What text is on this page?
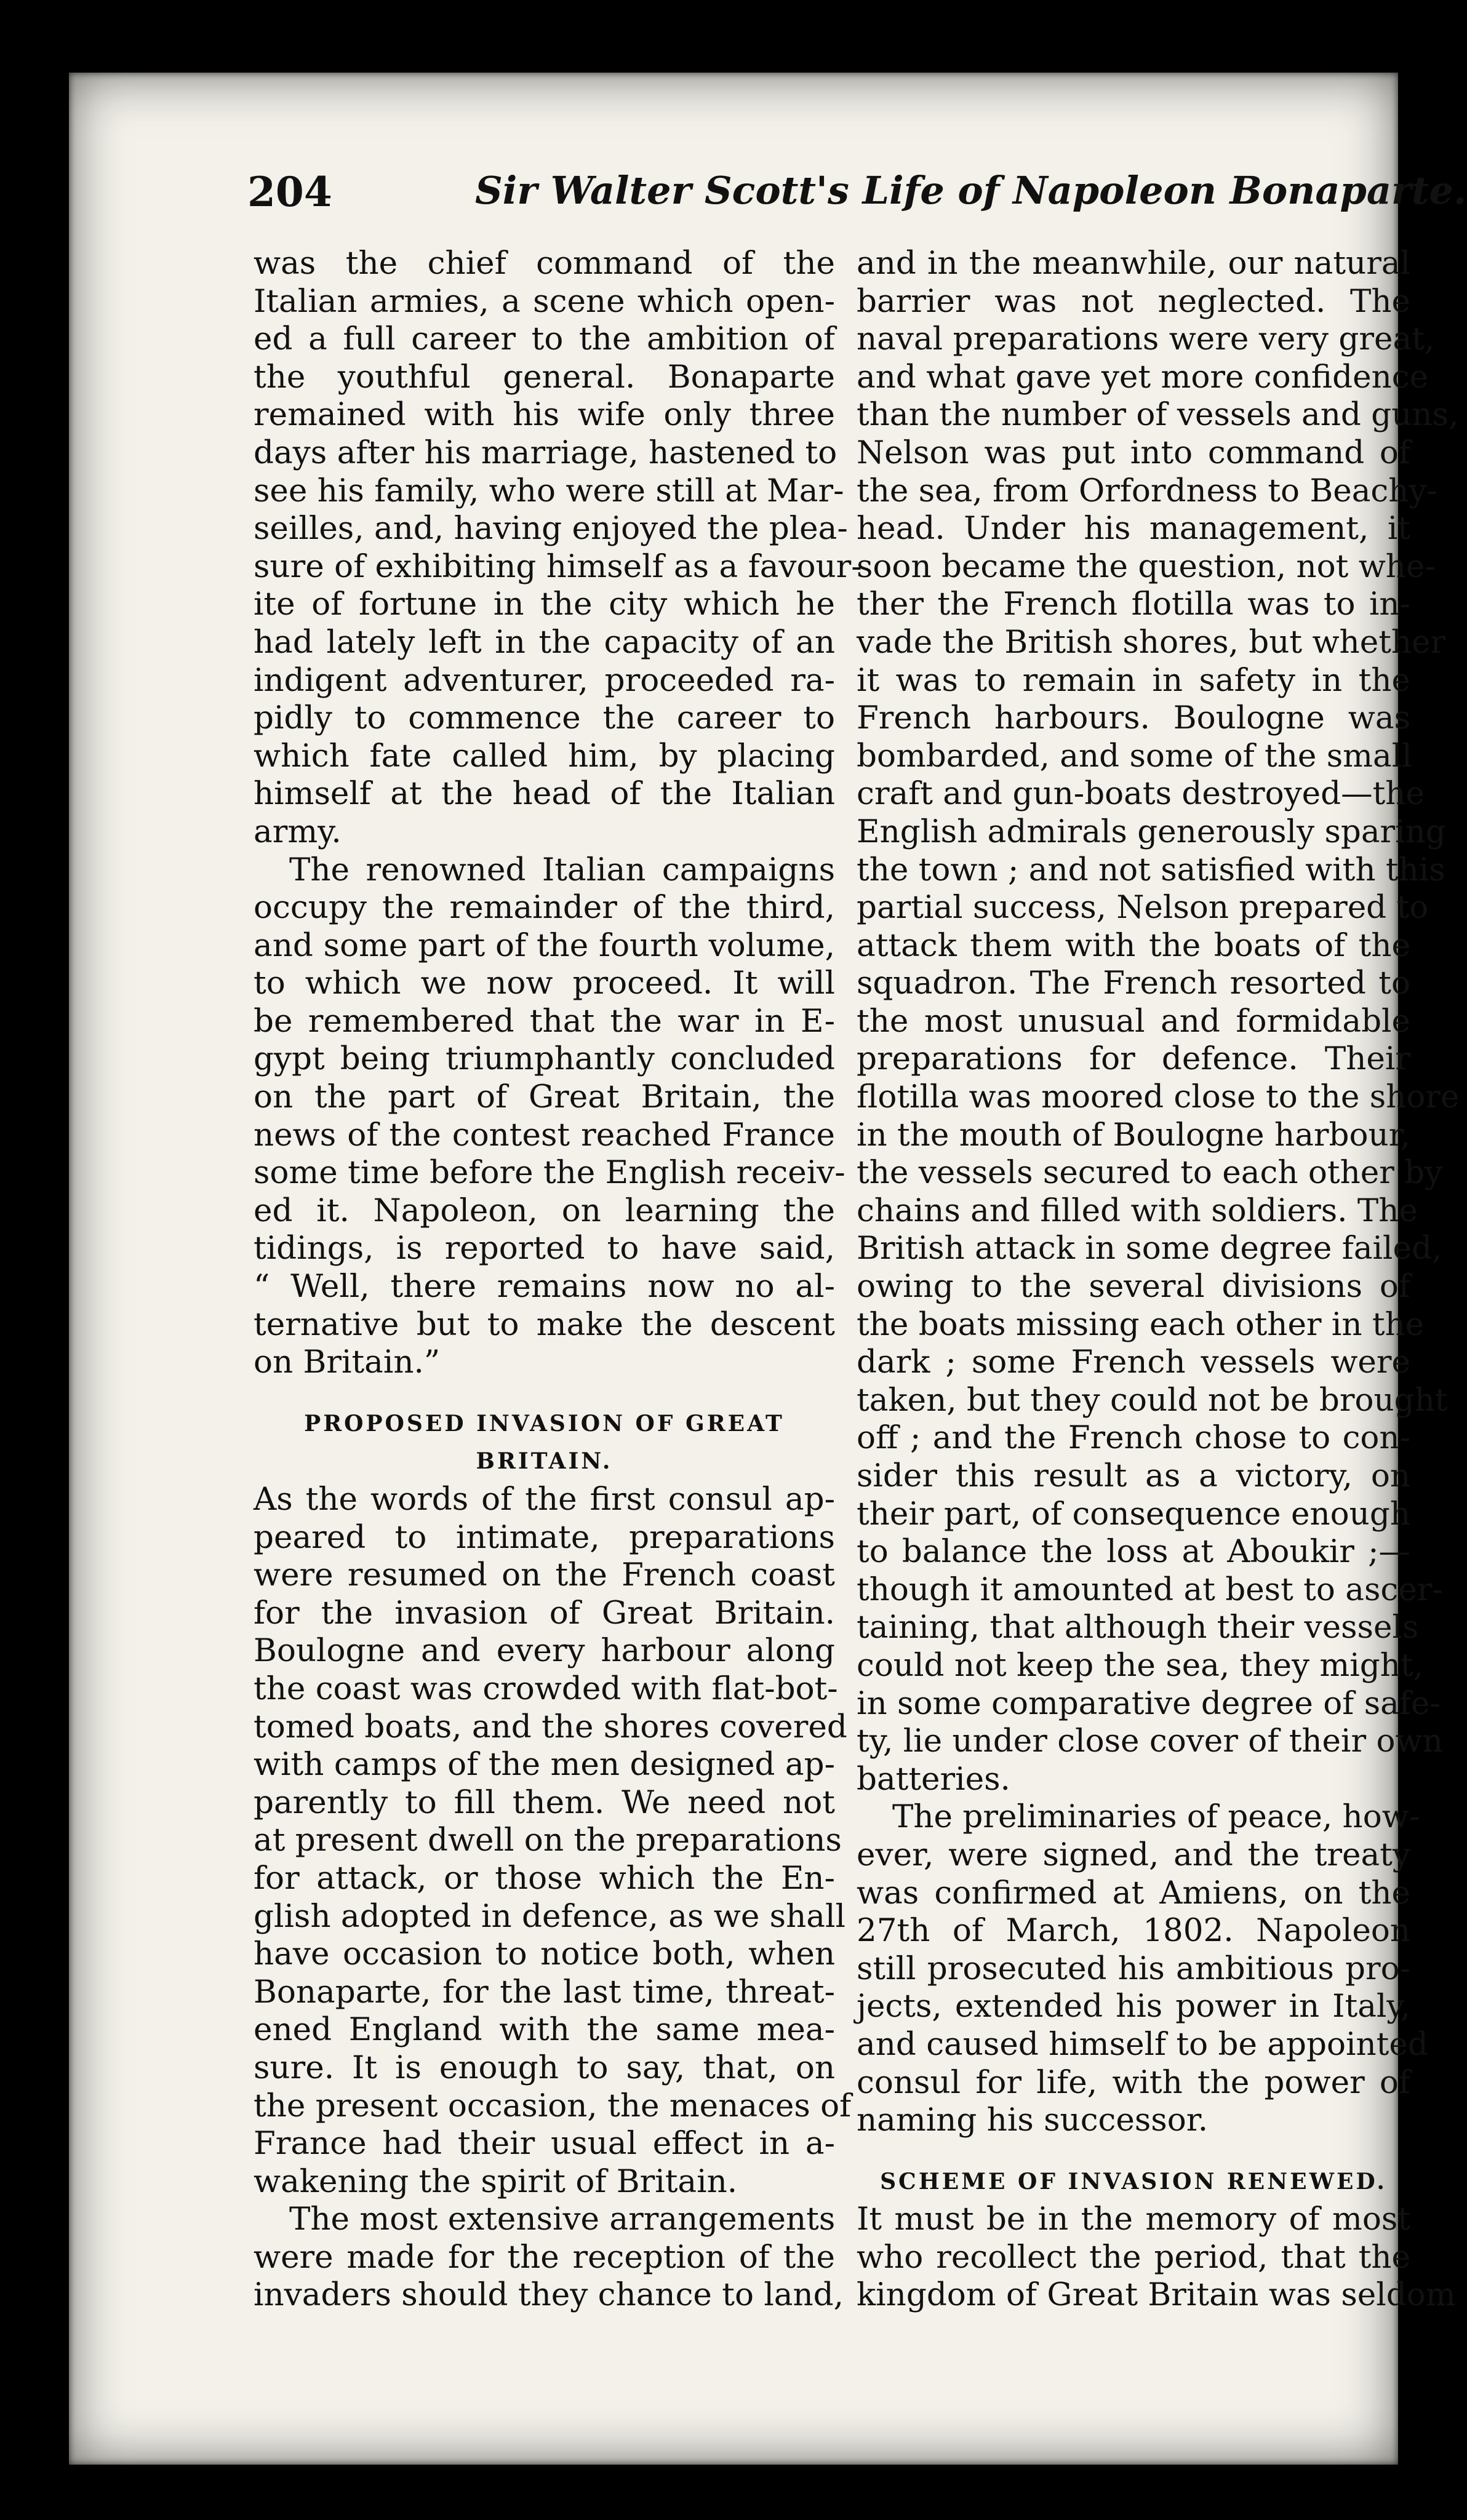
204	Sir Walter Scott's Life of Napoleon Bonaparte.
was the chief command of the
Italian armies, a scene which open-
ed a full career to the ambition of
the youthful general. Bonaparte
remained with his wife only three
days after his marriage, hastened to
see his family, who were still at Mar-
seilles, and, having enjoyed the plea-
sure of exhibiting himself as a favour-
ite of fortune in the city which he
had lately left in the capacity of an
indigent adventurer, proceeded ra-
pidly to commence the career to
which fate called him, by placing
himself at the head of the Italian
army.
The renowned Italian campaigns
occupy the remainder of the third,
and some part of the fourth volume,
to which we now proceed. It will
be remembered that the war in E-
gypt being triumphantly concluded
on the part of Great Britain, the
news of the contest reached France
some time before the English receiv-
ed it. Napoleon, on learning the
tidings, is reported to have said,
“ Well, there remains now no al-
ternative but to make the descent
on Britain.”
PROPOSED INVASION OF GREAT
BRITAIN.
As the words of the first consul ap-
peared to intimate, preparations
were resumed on the French coast
for the invasion of Great Britain.
Boulogne and every harbour along
the coast was crowded with flat-bot-
tomed boats, and the shores covered
with camps of the men designed ap-
parently to fill them. We need not
at present dwell on the preparations
for attack, or those which the En-
glish adopted in defence, as we shall
have occasion to notice both, when
Bonaparte, for the last time, threat-
ened England with the same mea-
sure. It is enough to say, that, on
the present occasion, the menaces of
France had their usual effect in a-
wakening the spirit of Britain.
The most extensive arrangements
were made for the reception of the
invaders should they chance to land,
and in the meanwhile, our natural
barrier was not neglected. The
naval preparations were very great,
and what gave yet more confidence
than the number of vessels and guns,
Nelson was put into command of
the sea, from Orfordness to Beachy-
head. Under his management, it
soon became the question, not whe-
ther the French flotilla was to in-
vade the British shores, but whether
it was to remain in safety in the
French harbours. Boulogne was
bombarded, and some of the small
craft and gun-boats destroyed—the
English admirals generously sparing
the town ; and not satisfied with this
partial success, Nelson prepared to
attack them with the boats of the
squadron. The French resorted to
the most unusual and formidable
preparations for defence. Their
flotilla was moored close to the shore
in the mouth of Boulogne harbour,
the vessels secured to each other by
chains and filled with soldiers. The
British attack in some degree failed,
owing to the several divisions of
the boats missing each other in the
dark ; some French vessels were
taken, but they could not be brought
off ; and the French chose to con-
sider this result as a victory, on
their part, of consequence enough
to balance the loss at Aboukir ;—
though it amounted at best to ascer-
taining, that although their vessels
could not keep the sea, they might,
in some comparative degree of safe-
ty, lie under close cover of their own
batteries.
The preliminaries of peace, how-
ever, were signed, and the treaty
was confirmed at Amiens, on the
27th of March, 1802. Napoleon
still prosecuted his ambitious pro-
jects, extended his power in Italy,
and caused himself to be appointed
consul for life, with the power of
naming his successor.
SCHEME OF INVASION RENEWED.
It must be in the memory of most
who recollect the period, that the
kingdom of Great Britain was seldom
